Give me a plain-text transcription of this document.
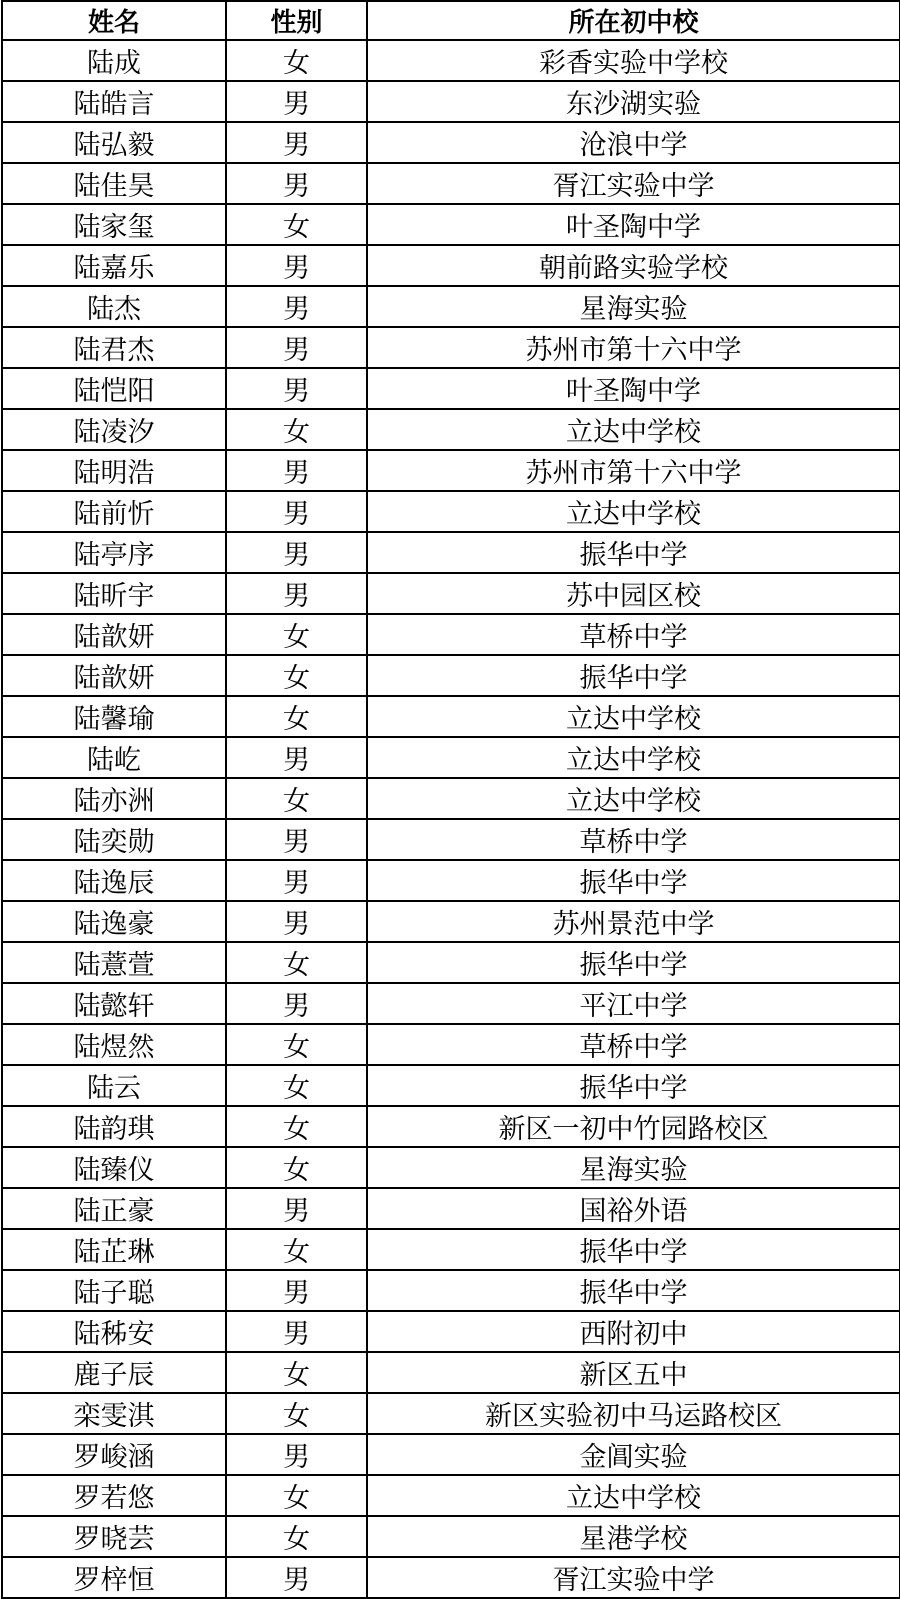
姓名	性别	所在初中校
陆成	女	彩香实验中学校
陆皓言	男	东沙湖实验
陆弘毅	男	沧浪中学
陆佳昊	男	胥江实验中学
陆家玺	女	叶圣陶中学
陆嘉乐	男	朝前路实验学校
陆杰	男	星海实验
陆君杰	男	苏州市第十六中学
陆恺阳	男	叶圣陶中学
陆凌汐	女	立达中学校
陆明浩	男	苏州市第十六中学
陆前忻	男	立达中学校
陆亭序	男	振华中学
陆昕宇	男	苏中园区校
陆歆妍	女	草桥中学
陆歆妍	女	振华中学
陆馨瑜	女	立达中学校
陆屹	男	立达中学校
陆亦洲	女	立达中学校
陆奕勋	男	草桥中学
陆逸辰	男	振华中学
陆逸豪	男	苏州景范中学
陆薏萱	女	振华中学
陆懿轩	男	平江中学
陆煜然	女	草桥中学
陆云	女	振华中学
陆韵琪	女	新区一初中竹园路校区
陆臻仪	女	星海实验
陆正豪	男	国裕外语
陆芷琳	女	振华中学
陆子聪	男	振华中学
陆秭安	男	西附初中
鹿子辰	女	新区五中
栾雯淇	女	新区实验初中马运路校区
罗峻涵	男	金阊实验
罗若悠	女	立达中学校
罗晓芸	女	星港学校
罗梓恒	男	胥江实验中学
